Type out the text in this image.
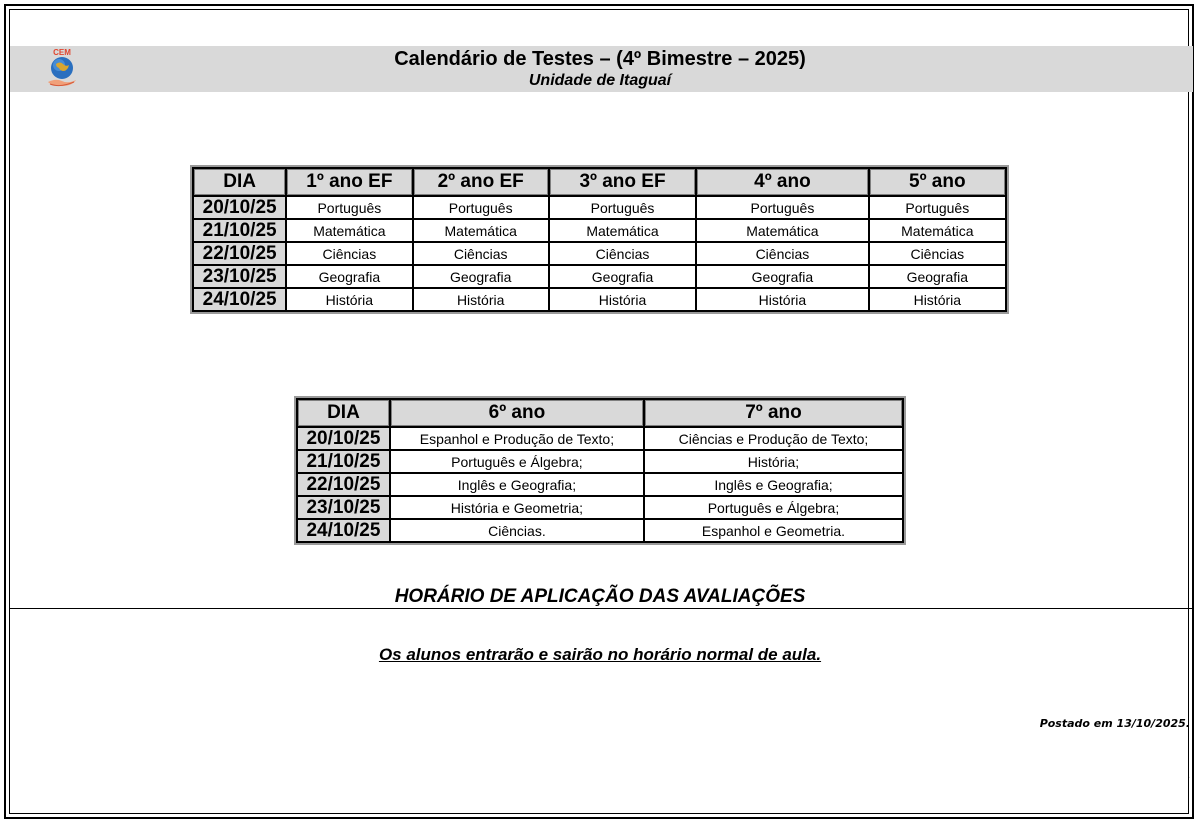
CEM	Calendário de Testes – (4º Bimestre – 2025)
Unidade de Itaguaí
DIA	1º ano EF	2º ano EF	3º ano EF	4º ano	5º ano
20/10/25	Português	Português	Português	Português	Português
21/10/25	Matemática	Matemática	Matemática	Matemática	Matemática
22/10/25	Ciências	Ciências	Ciências	Ciências	Ciências
23/10/25	Geografia	Geografia	Geografia	Geografia	Geografia
24/10/25	História	História	História	História	História
DIA	6º ano	7º ano
20/10/25	Espanhol e Produção de Texto;	Ciências e Produção de Texto;
21/10/25	Português e Álgebra;	História;
22/10/25	Inglês e Geografia;	Inglês e Geografia;
23/10/25	História e Geometria;	Português e Álgebra;
24/10/25	Ciências.	Espanhol e Geometria.
HORÁRIO DE APLICAÇÃO DAS AVALIAÇÕES
Os alunos entrarão e sairão no horário normal de aula.
Postado em 13/10/2025.
.
